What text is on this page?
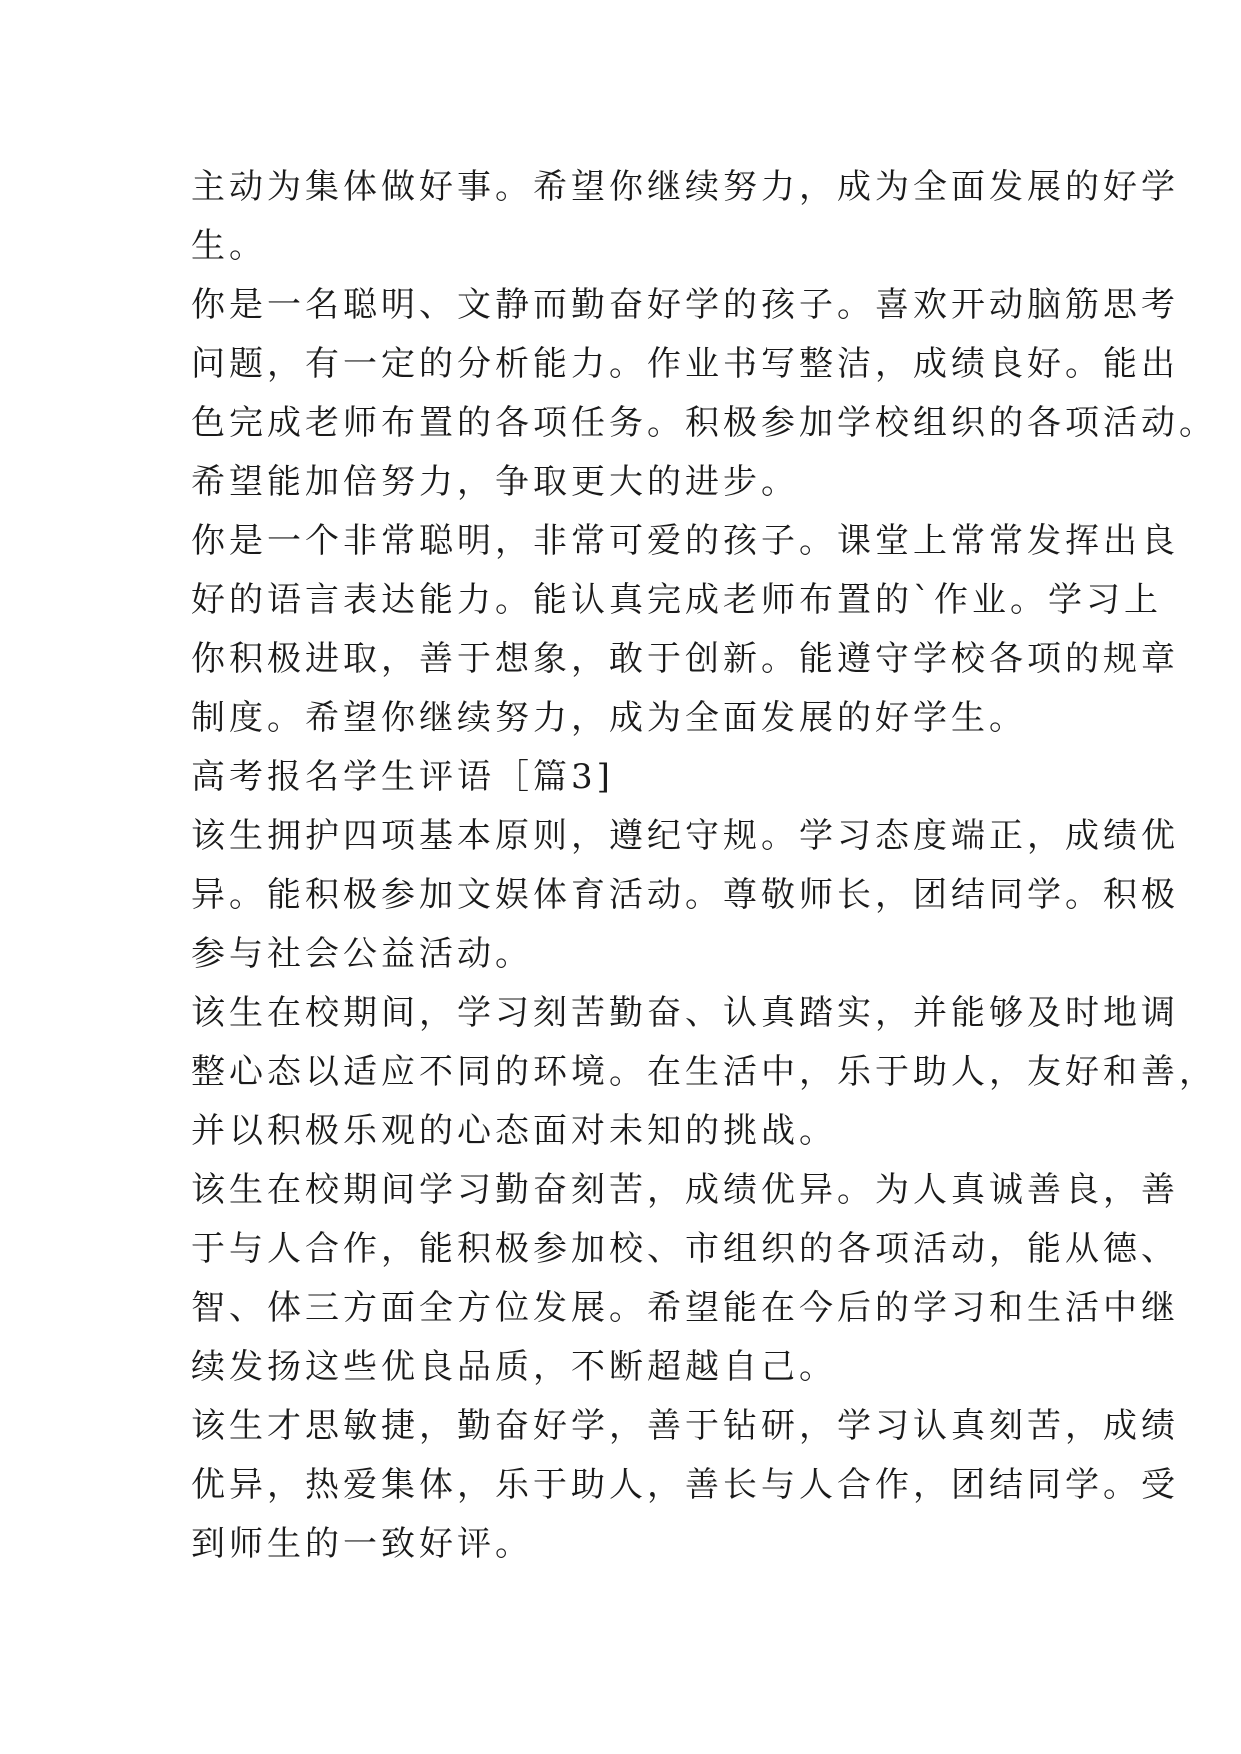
主动为集体做好事。希望你继续努力，成为全面发展的好学
生。
你是一名聪明、文静而勤奋好学的孩子。喜欢开动脑筋思考
问题，有一定的分析能力。作业书写整洁，成绩良好。能出
色完成老师布置的各项任务。积极参加学校组织的各项活动。
希望能加倍努力，争取更大的进步。
你是一个非常聪明，非常可爱的孩子。课堂上常常发挥出良
好的语言表达能力。能认真完成老师布置的`作业。学习上
你积极进取，善于想象，敢于创新。能遵守学校各项的规章
制度。希望你继续努力，成为全面发展的好学生。
高考报名学生评语［篇3]
该生拥护四项基本原则，遵纪守规。学习态度端正，成绩优
异。能积极参加文娱体育活动。尊敬师长，团结同学。积极
参与社会公益活动。
该生在校期间，学习刻苦勤奋、认真踏实，并能够及时地调
整心态以适应不同的环境。在生活中，乐于助人，友好和善，
并以积极乐观的心态面对未知的挑战。
该生在校期间学习勤奋刻苦，成绩优异。为人真诚善良，善
于与人合作，能积极参加校、市组织的各项活动，能从德、
智、体三方面全方位发展。希望能在今后的学习和生活中继
续发扬这些优良品质，不断超越自己。
该生才思敏捷，勤奋好学，善于钻研，学习认真刻苦，成绩
优异，热爱集体，乐于助人，善长与人合作，团结同学。受
到师生的一致好评。
